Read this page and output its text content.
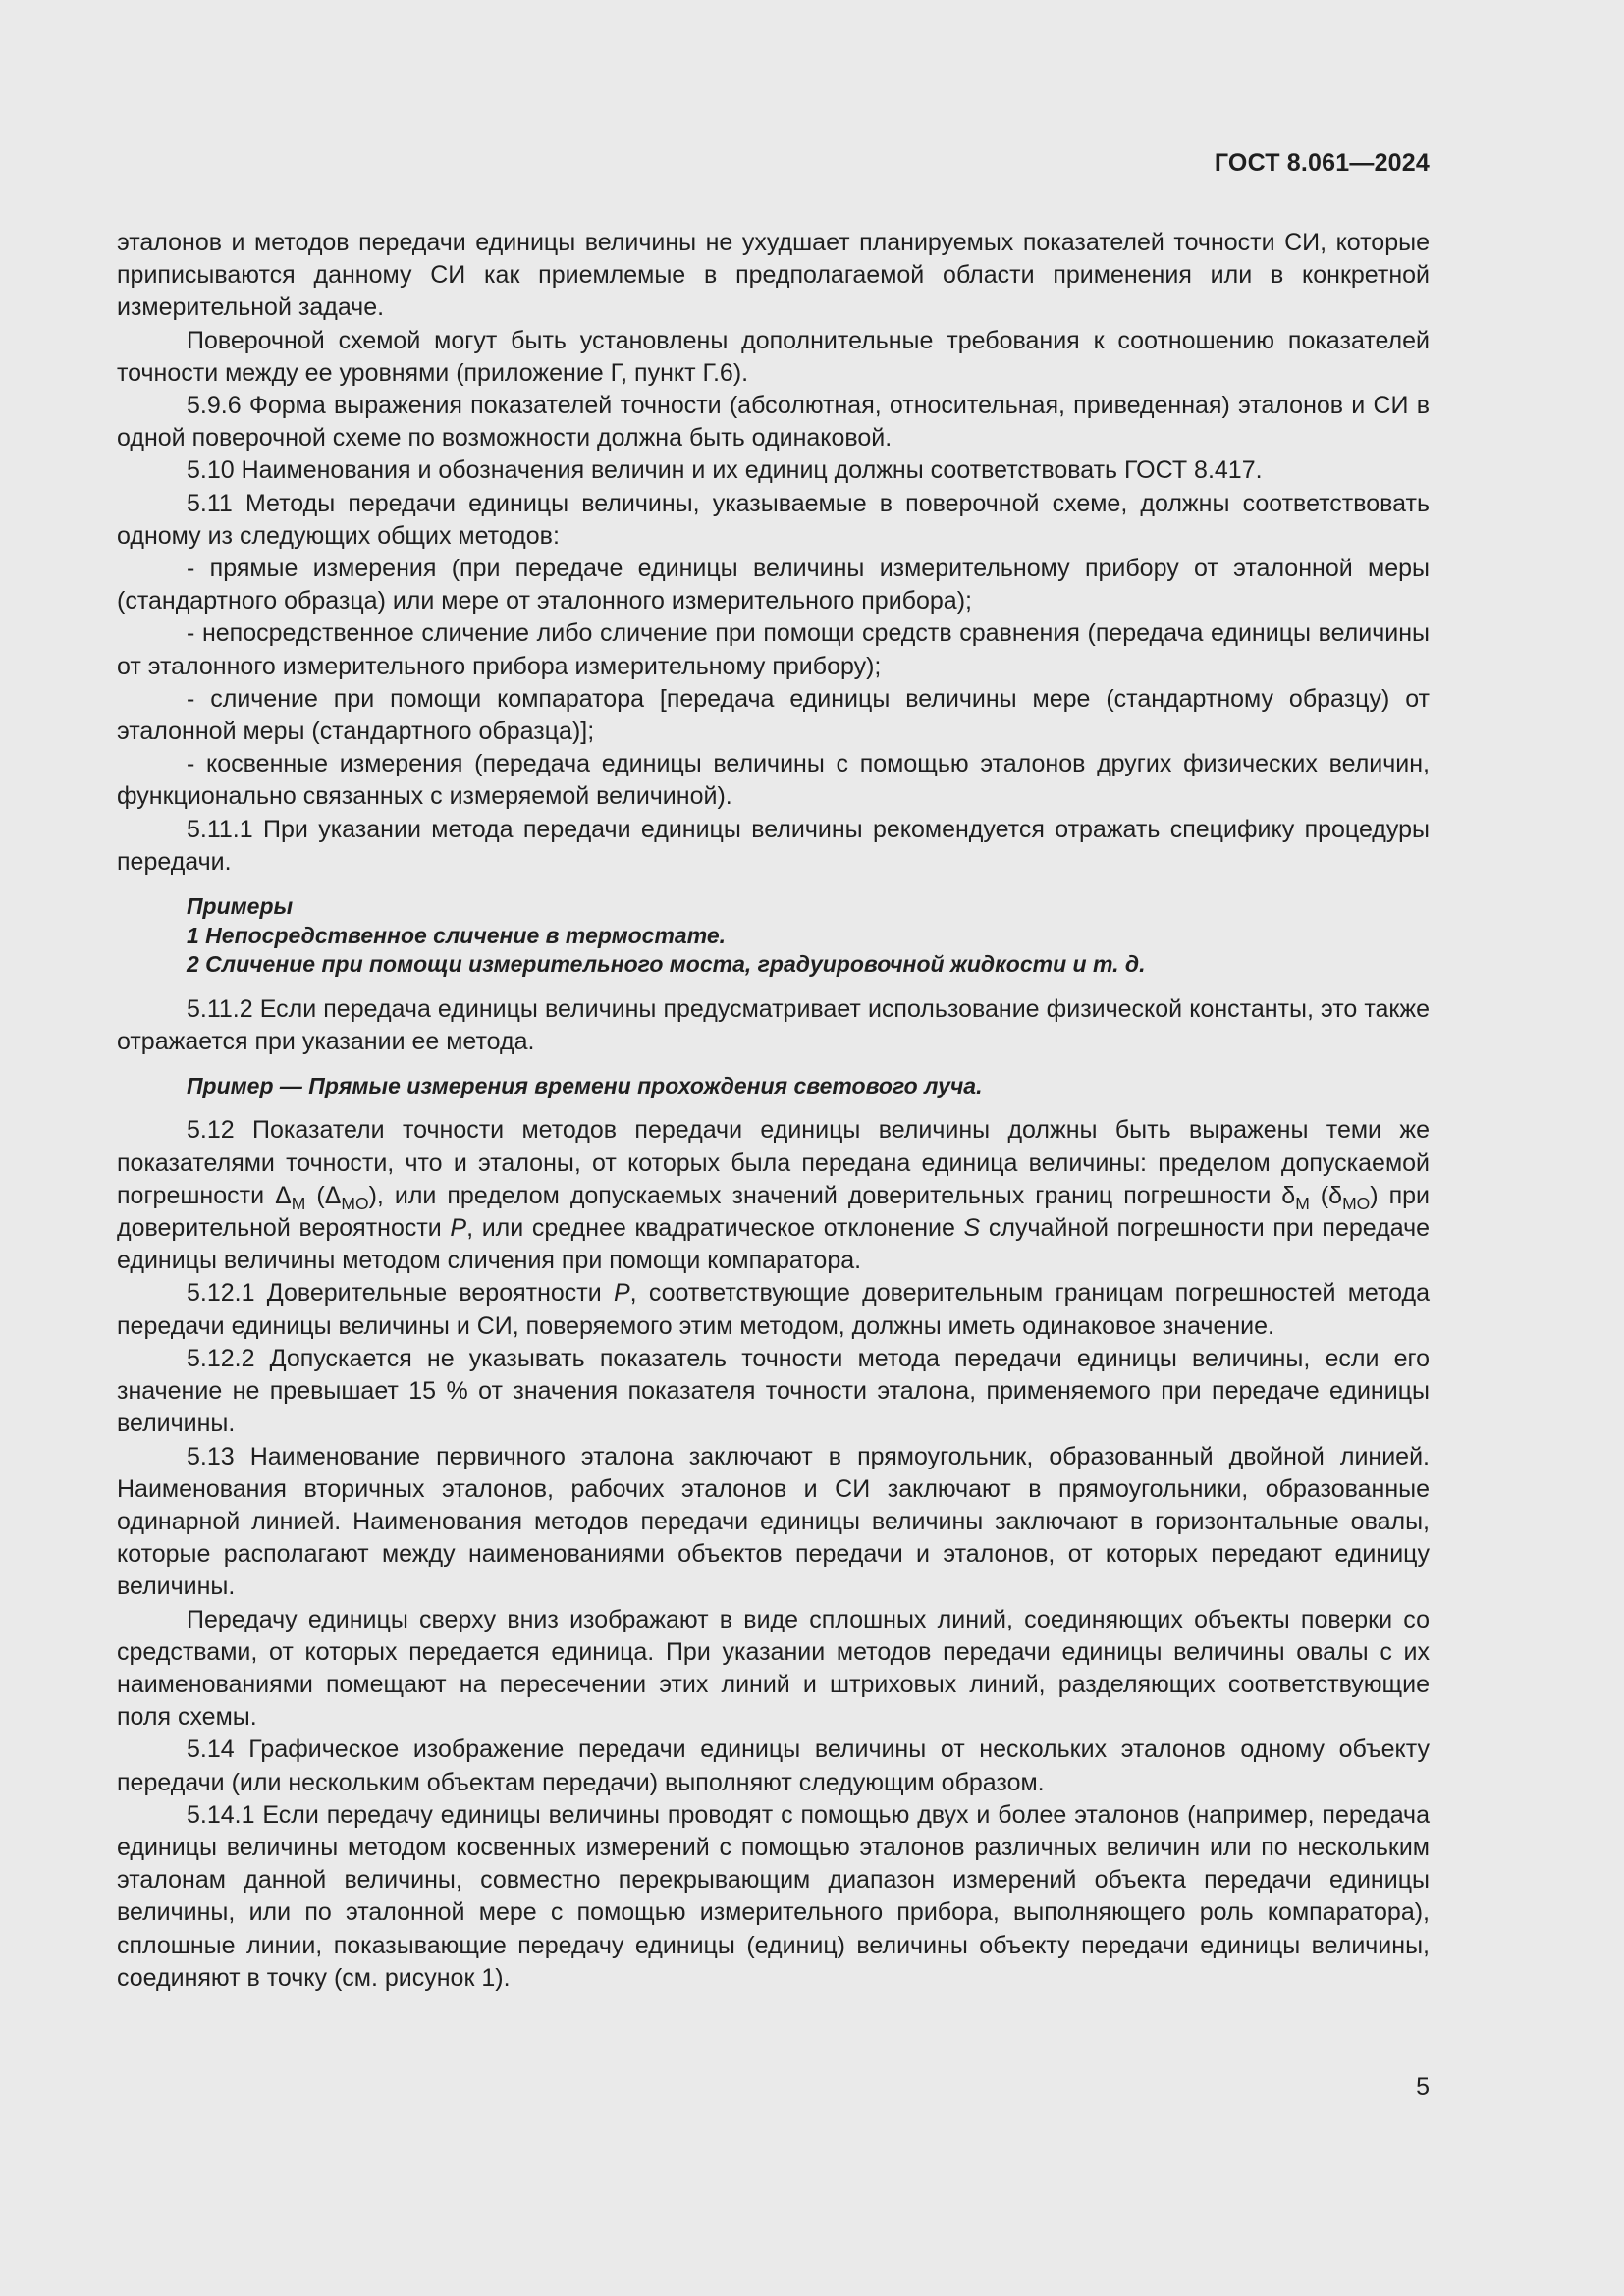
ГОСТ 8.061—2024

эталонов и методов передачи единицы величины не ухудшает планируемых показателей точности СИ, которые приписываются данному СИ как приемлемые в предполагаемой области применения или в конкретной измерительной задаче.

Поверочной схемой могут быть установлены дополнительные требования к соотношению показателей точности между ее уровнями (приложение Г, пункт Г.6).

5.9.6 Форма выражения показателей точности (абсолютная, относительная, приведенная) эталонов и СИ в одной поверочной схеме по возможности должна быть одинаковой.

5.10 Наименования и обозначения величин и их единиц должны соответствовать ГОСТ 8.417.

5.11 Методы передачи единицы величины, указываемые в поверочной схеме, должны соответствовать одному из следующих общих методов:

- прямые измерения (при передаче единицы величины измерительному прибору от эталонной меры (стандартного образца) или мере от эталонного измерительного прибора);

- непосредственное сличение либо сличение при помощи средств сравнения (передача единицы величины от эталонного измерительного прибора измерительному прибору);

- сличение при помощи компаратора [передача единицы величины мере (стандартному образцу) от эталонной меры (стандартного образца)];

- косвенные измерения (передача единицы величины с помощью эталонов других физических величин, функционально связанных с измеряемой величиной).

5.11.1 При указании метода передачи единицы величины рекомендуется отражать специфику процедуры передачи.

Примеры

1 Непосредственное сличение в термостате.

2 Сличение при помощи измерительного моста, градуировочной жидкости и т. д.

5.11.2 Если передача единицы величины предусматривает использование физической константы, это также отражается при указании ее метода.

Пример — Прямые измерения времени прохождения светового луча.

5.12 Показатели точности методов передачи единицы величины должны быть выражены теми же показателями точности, что и эталоны, от которых была передана единица величины: пределом допускаемой погрешности $\Delta_М$ $(\Delta_{МО})$, или пределом допускаемых значений доверительных границ погрешности $\delta_М$ $(\delta_{МО})$ при доверительной вероятности P, или среднее квадратическое отклонение S случайной погрешности при передаче единицы величины методом сличения при помощи компаратора.

5.12.1 Доверительные вероятности P, соответствующие доверительным границам погрешностей метода передачи единицы величины и СИ, поверяемого этим методом, должны иметь одинаковое значение.

5.12.2 Допускается не указывать показатель точности метода передачи единицы величины, если его значение не превышает 15 % от значения показателя точности эталона, применяемого при передаче единицы величины.

5.13 Наименование первичного эталона заключают в прямоугольник, образованный двойной линией. Наименования вторичных эталонов, рабочих эталонов и СИ заключают в прямоугольники, образованные одинарной линией. Наименования методов передачи единицы величины заключают в горизонтальные овалы, которые располагают между наименованиями объектов передачи и эталонов, от которых передают единицу величины.

Передачу единицы сверху вниз изображают в виде сплошных линий, соединяющих объекты поверки со средствами, от которых передается единица. При указании методов передачи единицы величины овалы с их наименованиями помещают на пересечении этих линий и штриховых линий, разделяющих соответствующие поля схемы.

5.14 Графическое изображение передачи единицы величины от нескольких эталонов одному объекту передачи (или нескольким объектам передачи) выполняют следующим образом.

5.14.1 Если передачу единицы величины проводят с помощью двух и более эталонов (например, передача единицы величины методом косвенных измерений с помощью эталонов различных величин или по нескольким эталонам данной величины, совместно перекрывающим диапазон измерений объекта передачи единицы величины, или по эталонной мере с помощью измерительного прибора, выполняющего роль компаратора), сплошные линии, показывающие передачу единицы (единиц) величины объекту передачи единицы величины, соединяют в точку (см. рисунок 1).

5
